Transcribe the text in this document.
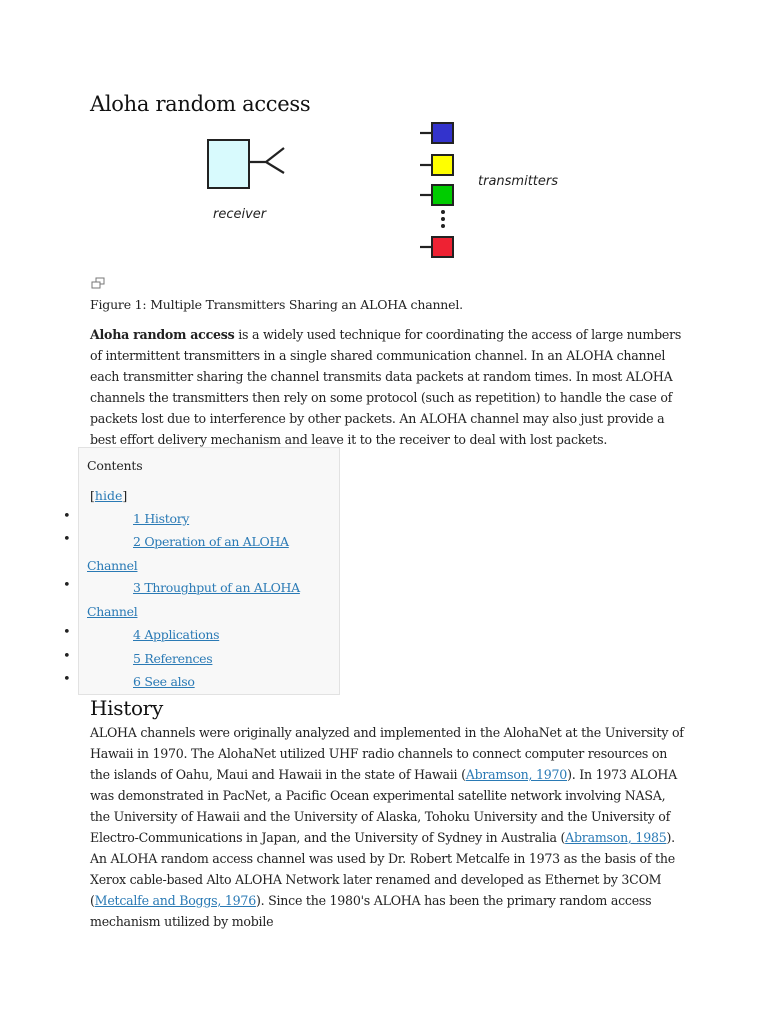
Aloha random access
receiver
transmitters

Figure 1: Multiple Transmitters Sharing an ALOHA channel.

Aloha random access is a widely used technique for coordinating the access of large numbers of intermittent transmitters in a single shared communication channel. In an ALOHA channel each transmitter sharing the channel transmits data packets at random times. In most ALOHA channels the transmitters then rely on some protocol (such as repetition) to handle the case of packets lost due to interference by other packets. An ALOHA channel may also just provide a best effort delivery mechanism and leave it to the receiver to deal with lost packets.

Contents
[hide]
1 History
2 Operation of an ALOHA
Channel
3 Throughput of an ALOHA
Channel
4 Applications
5 References
6 See also
•
•
•
•
•
•
History

ALOHA channels were originally analyzed and implemented in the AlohaNet at the University of Hawaii in 1970. The AlohaNet utilized UHF radio channels to connect computer resources on the islands of Oahu, Maui and Hawaii in the state of Hawaii (Abramson, 1970). In 1973 ALOHA was demonstrated in PacNet, a Pacific Ocean experimental satellite network involving NASA, the University of Hawaii and the University of Alaska, Tohoku University and the University of Electro-Communications in Japan, and the University of Sydney in Australia (Abramson, 1985). An ALOHA random access channel was used by Dr. Robert Metcalfe in 1973 as the basis of the Xerox cable-based Alto ALOHA Network later renamed and developed as Ethernet by 3COM (Metcalfe and Boggs, 1976). Since the 1980's ALOHA has been the primary random access mechanism utilized by mobile
